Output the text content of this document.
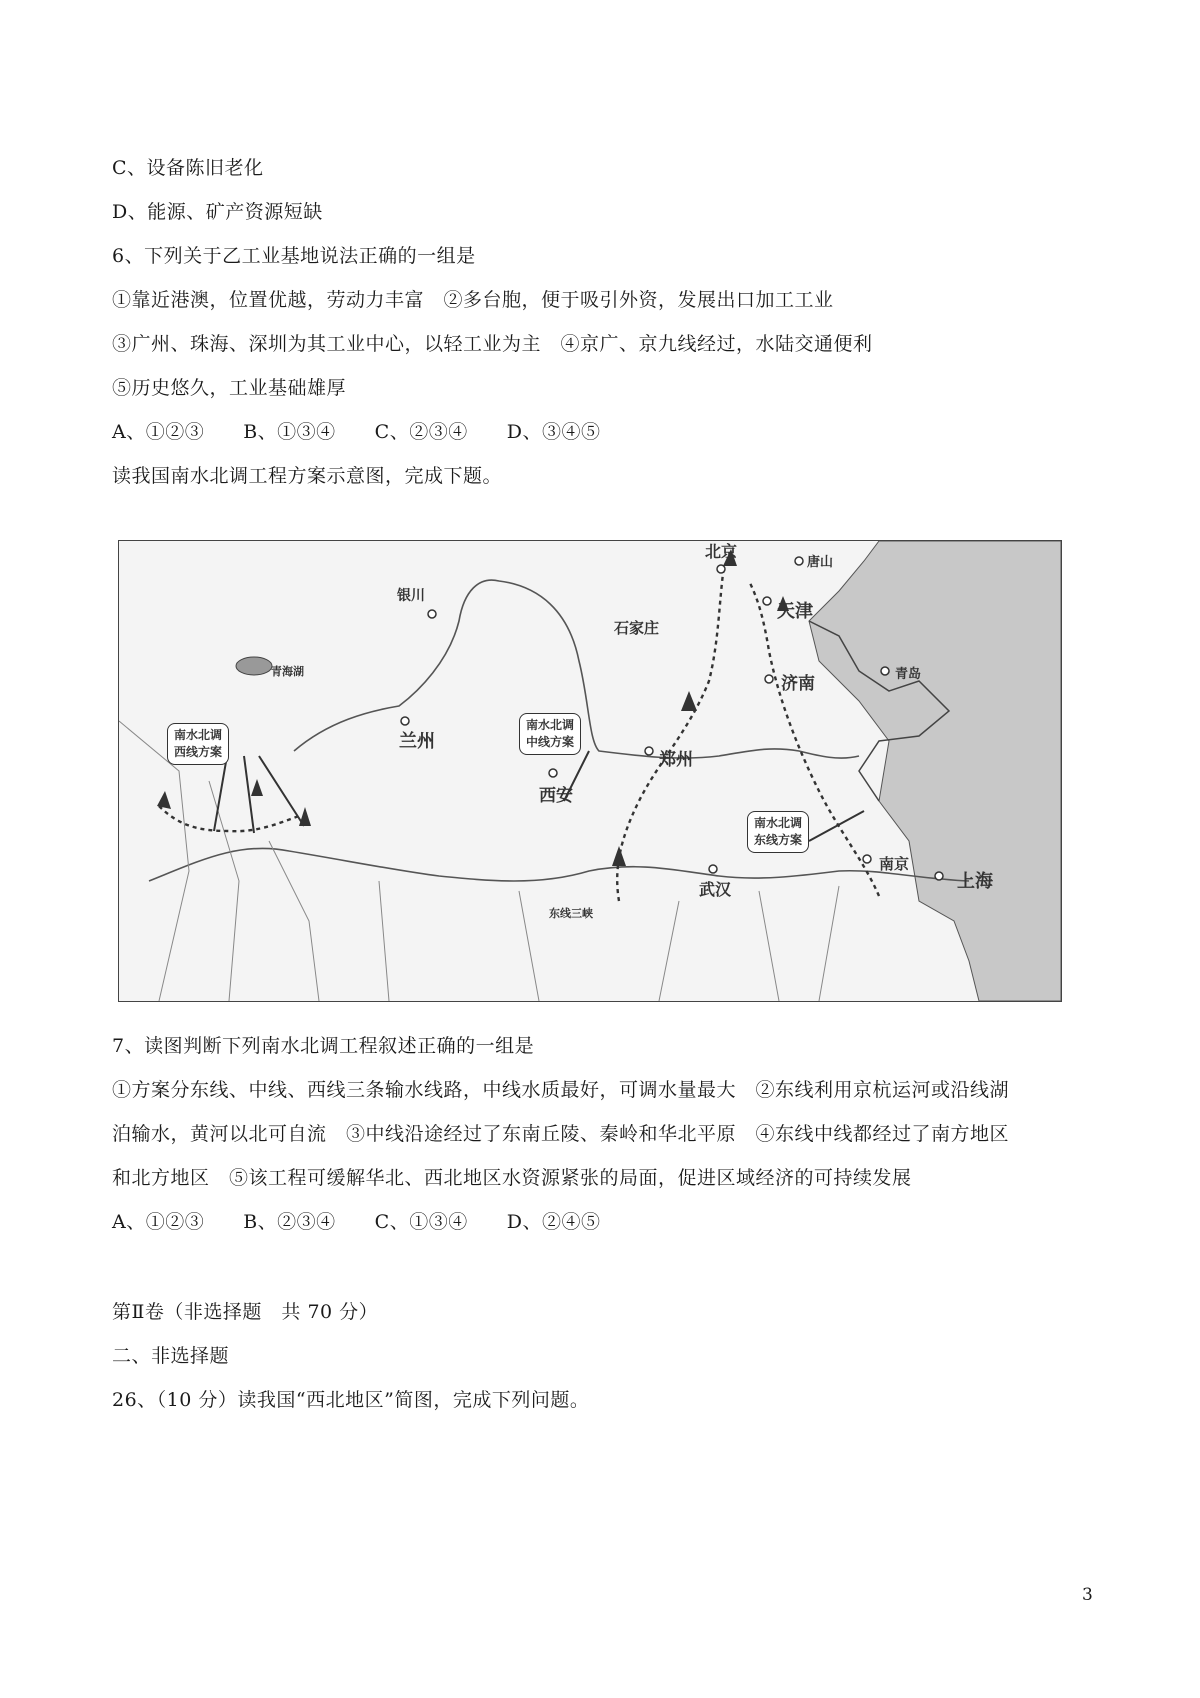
C、设备陈旧老化
D、能源、矿产资源短缺
6、下列关于乙工业基地说法正确的一组是
①靠近港澳，位置优越，劳动力丰富　②多台胞，便于吸引外资，发展出口加工工业
③广州、珠海、深圳为其工业中心，以轻工业为主　④京广、京九线经过，水陆交通便利
⑤历史悠久，工业基础雄厚
A、①②③　　B、①③④　　C、②③④　　D、③④⑤
读我国南水北调工程方案示意图，完成下题。
北京
唐山
天津
银川
石家庄
兰州
济南	青岛
郑州
西安
武汉
南京
上海
青海湖
东线三峡
南水北调
西线方案
南水北调
中线方案
南水北调
东线方案
7、读图判断下列南水北调工程叙述正确的一组是
①方案分东线、中线、西线三条输水线路，中线水质最好，可调水量最大　②东线利用京杭运河或沿线湖
泊输水，黄河以北可自流　③中线沿途经过了东南丘陵、秦岭和华北平原　④东线中线都经过了南方地区
和北方地区　⑤该工程可缓解华北、西北地区水资源紧张的局面，促进区域经济的可持续发展
A、①②③　　B、②③④　　C、①③④　　D、②④⑤
第Ⅱ卷（非选择题　共 70 分）
二、非选择题
26、（10 分）读我国“西北地区”简图，完成下列问题。
3
